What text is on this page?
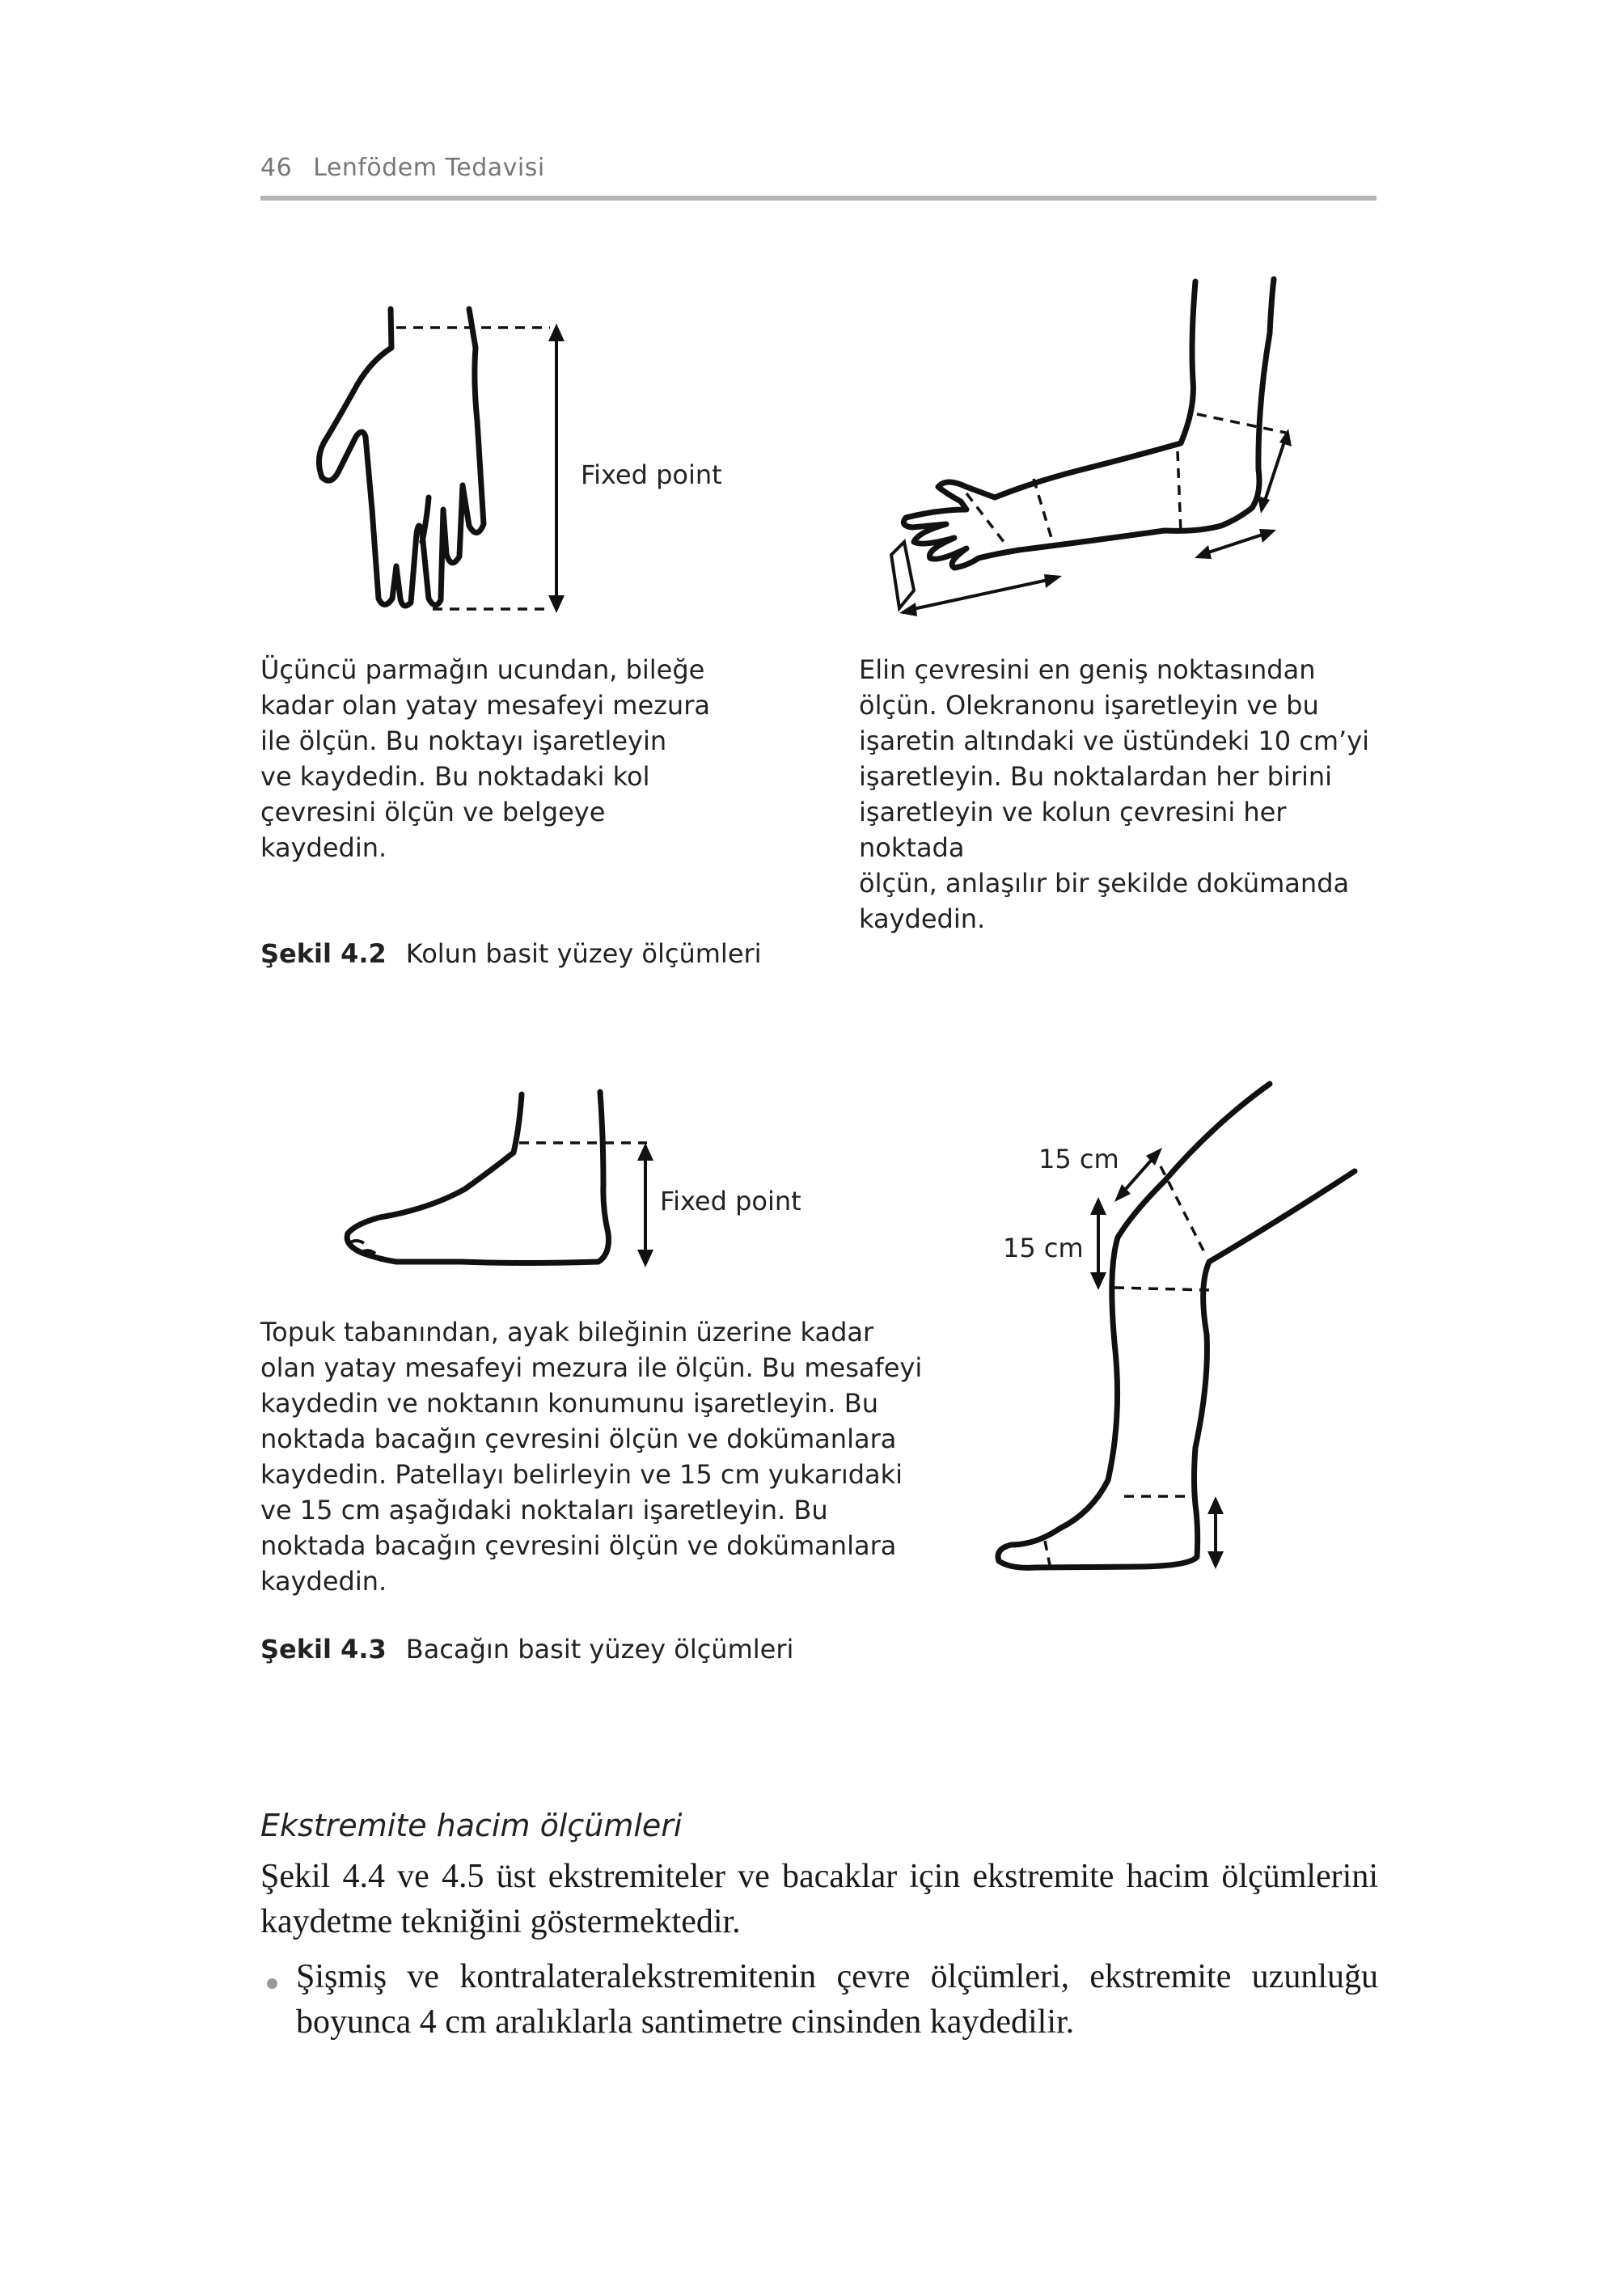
46 Lenfödem Tedavisi
Fixed point
Üçüncü parmağın ucundan, bileğe
kadar olan yatay mesafeyi mezura
ile ölçün. Bu noktayı işaretleyin
ve kaydedin. Bu noktadaki kol
çevresini ölçün ve belgeye
kaydedin.
Elin çevresini en geniş noktasından
ölçün. Olekranonu işaretleyin ve bu
işaretin altındaki ve üstündeki 10 cm’yi
işaretleyin. Bu noktalardan her birini
işaretleyin ve kolun çevresini her noktada
ölçün, anlaşılır bir şekilde dokümanda
kaydedin.
Şekil 4.2 Kolun basit yüzey ölçümleri
Fixed point
15 cm
15 cm
Topuk tabanından, ayak bileğinin üzerine kadar
olan yatay mesafeyi mezura ile ölçün. Bu mesafeyi
kaydedin ve noktanın konumunu işaretleyin. Bu
noktada bacağın çevresini ölçün ve dokümanlara
kaydedin. Patellayı belirleyin ve 15 cm yukarıdaki
ve 15 cm aşağıdaki noktaları işaretleyin. Bu
noktada bacağın çevresini ölçün ve dokümanlara
kaydedin.
Şekil 4.3 Bacağın basit yüzey ölçümleri
Ekstremite hacim ölçümleri
Şekil 4.4 ve 4.5 üst ekstremiteler ve bacaklar için ekstremite hacim ölçümlerini kaydetme tekniğini göstermektedir.
Şişmiş ve kontralateralekstremitenin çevre ölçümleri, ekstremite uzunluğu boyunca 4 cm aralıklarla santimetre cinsinden kaydedilir.
